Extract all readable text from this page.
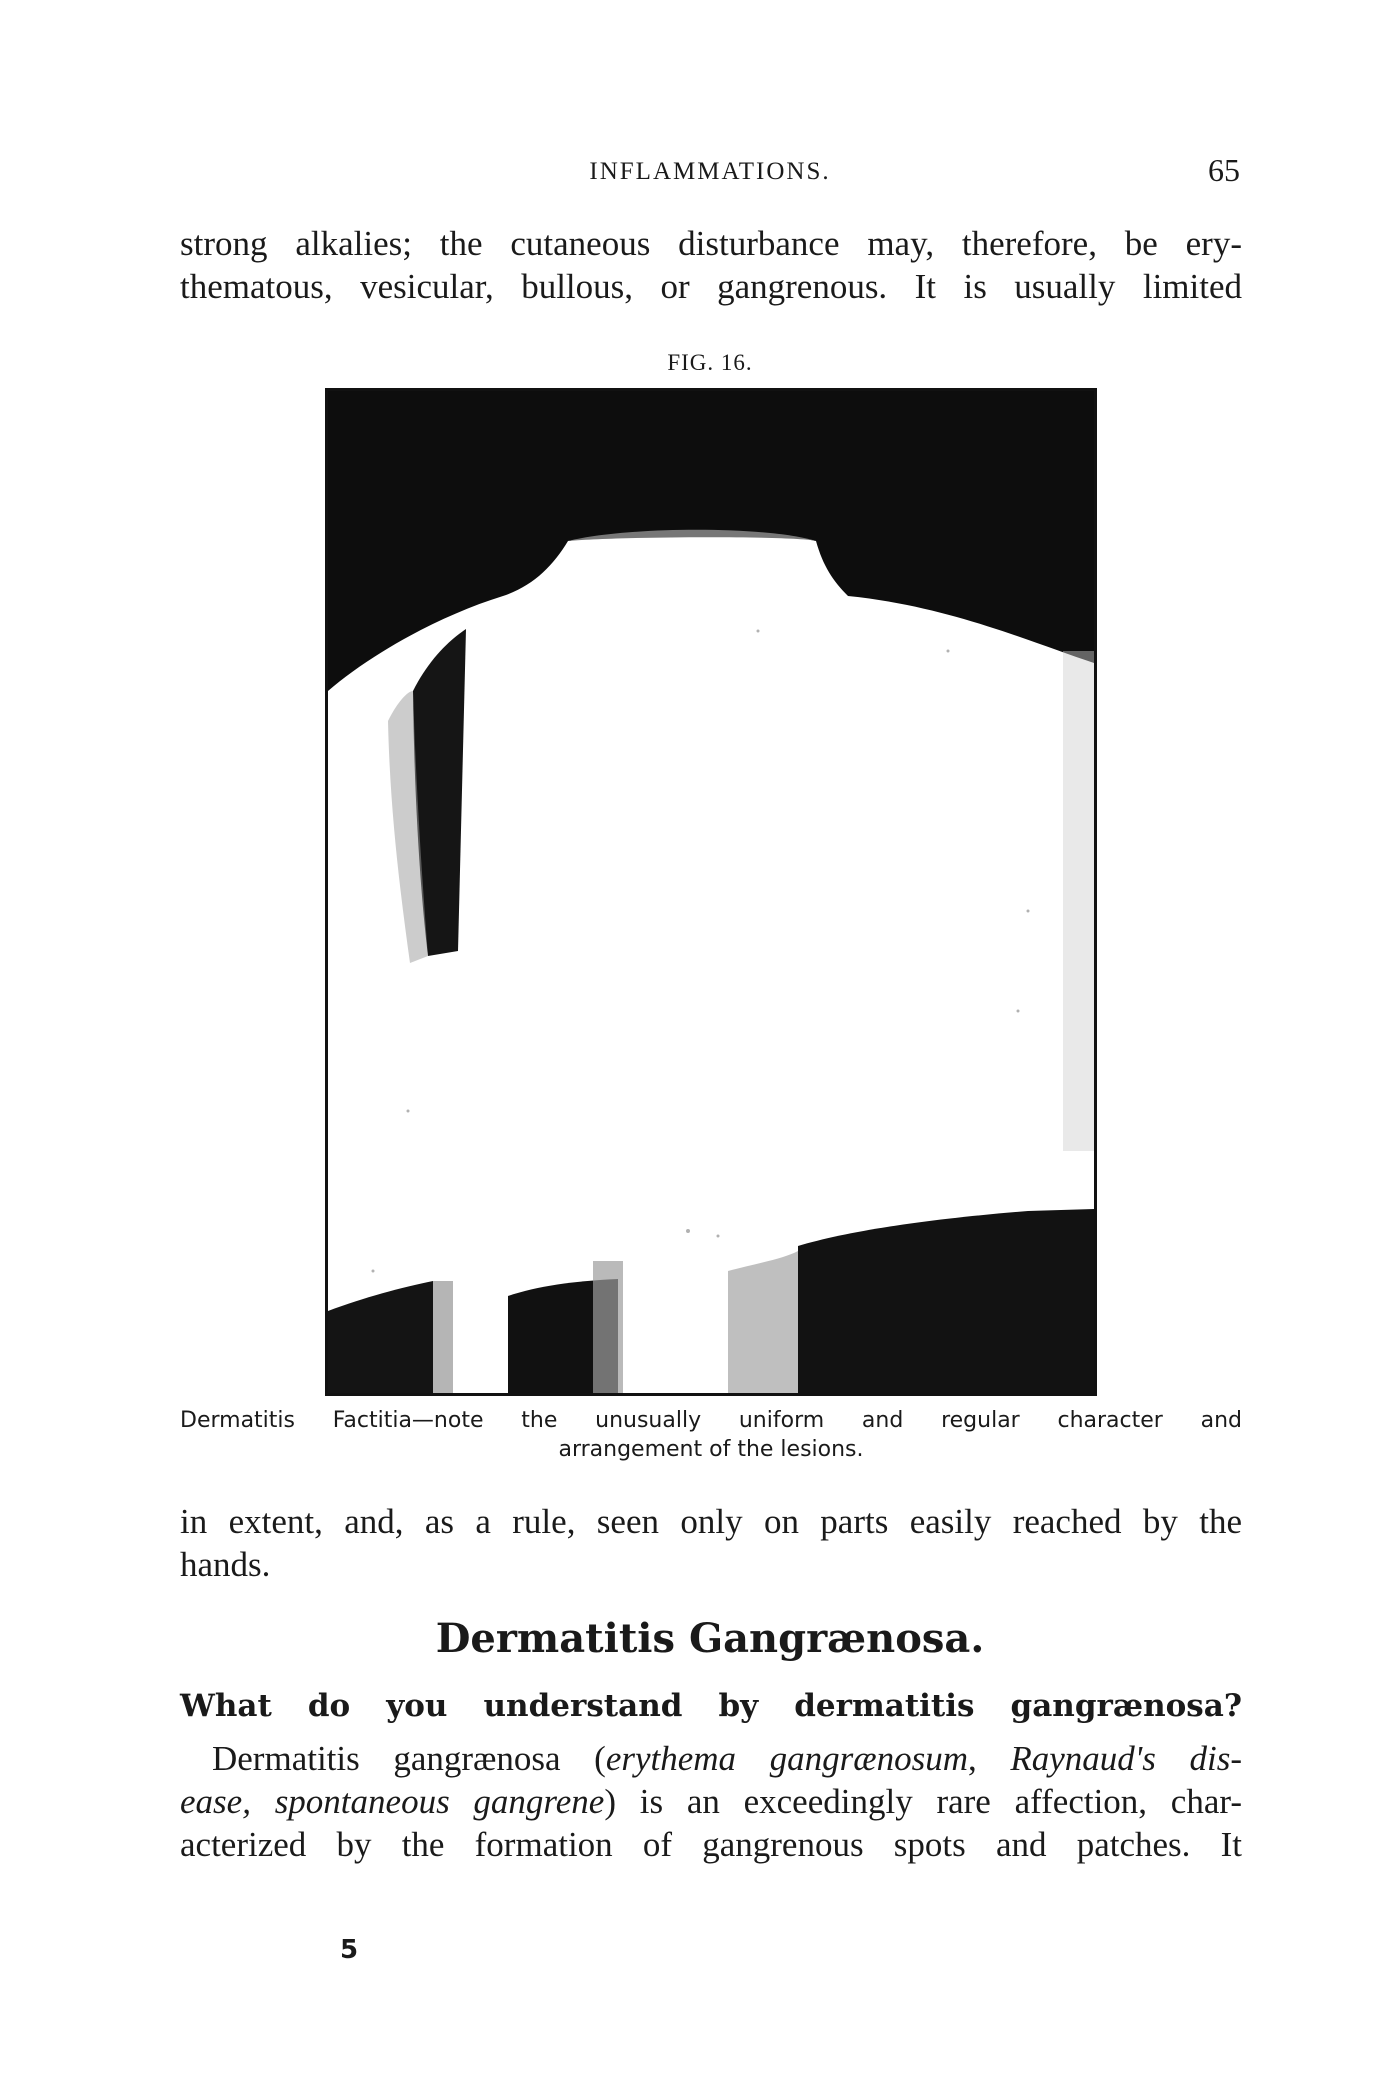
INFLAMMATIONS.	65
strong alkalies; the cutaneous disturbance may, therefore, be ery-
thematous, vesicular, bullous, or gangrenous. It is usually limited
FIG. 16.
Dermatitis Factitia—note the unusually uniform and regular character and
arrangement of the lesions.
in extent, and, as a rule, seen only on parts easily reached by the
hands.
Dermatitis Gangrænosa.
What do you understand by dermatitis gangrænosa?
Dermatitis gangrænosa (erythema gangrænosum, Raynaud's dis-
ease, spontaneous gangrene) is an exceedingly rare affection, char-
acterized by the formation of gangrenous spots and patches. It
5
